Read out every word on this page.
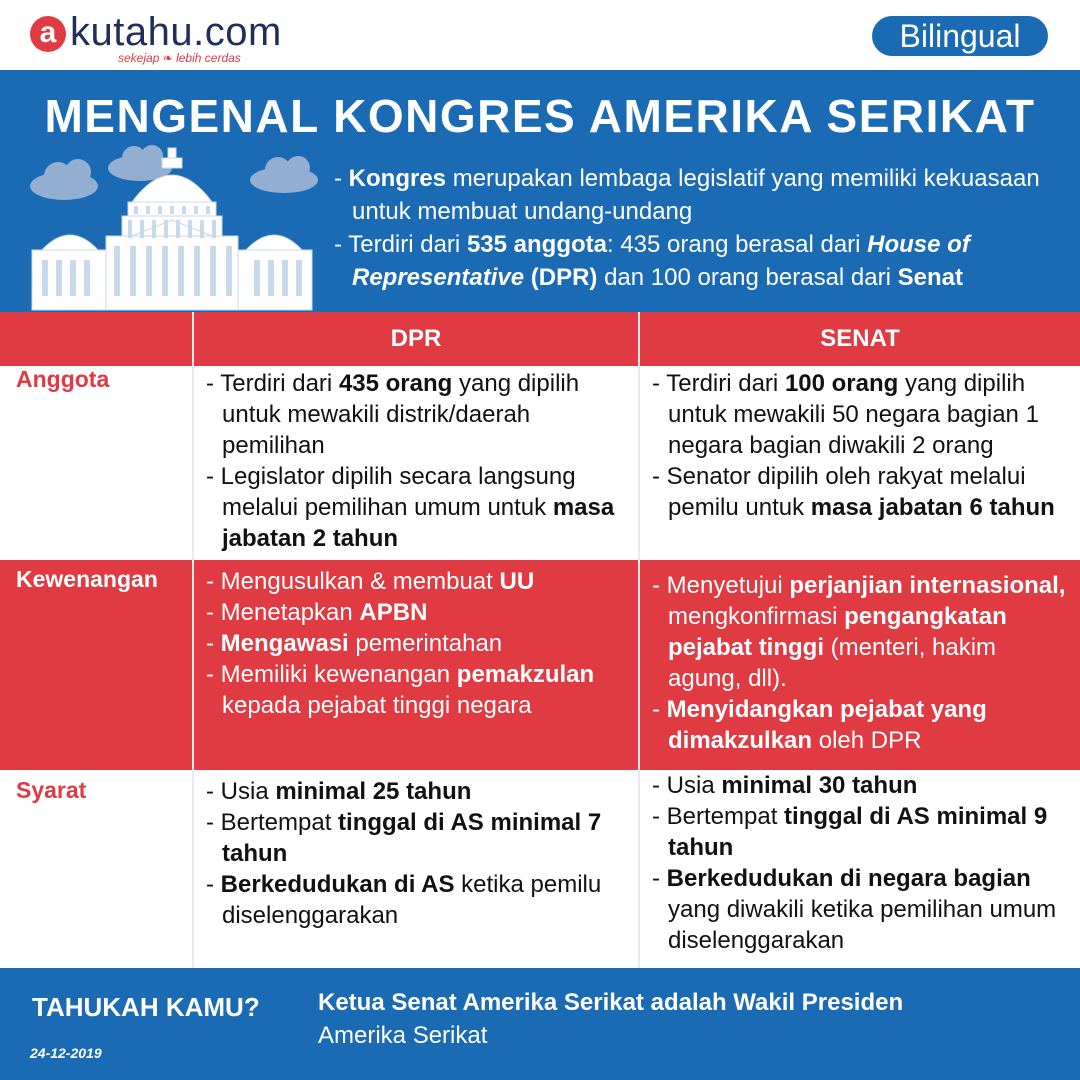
a kutahu.com
sekejap ❧ lebih cerdas
Bilingual
MENGENAL KONGRES AMERIKA SERIKAT

- Kongres merupakan lembaga legislatif yang memiliki kekuasaan untuk membuat undang-undang

- Terdiri dari 535 anggota: 435 orang berasal dari House of Representative (DPR) dan 100 orang berasal dari Senat

DPR	SENAT
Anggota
Kewenangan
Syarat

- Terdiri dari 435 orang yang dipilih untuk mewakili distrik/daerah pemilihan

- Legislator dipilih secara langsung melalui pemilihan umum untuk masa jabatan 2 tahun

- Terdiri dari 100 orang yang dipilih untuk mewakili 50 negara bagian 1 negara bagian diwakili 2 orang

- Senator dipilih oleh rakyat melalui pemilu untuk masa jabatan 6 tahun

- Mengusulkan & membuat UU

- Menetapkan APBN

- Mengawasi pemerintahan

- Memiliki kewenangan pemakzulan kepada pejabat tinggi negara

- Menyetujui perjanjian internasional, mengkonfirmasi pengangkatan pejabat tinggi (menteri, hakim agung, dll).

- Menyidangkan pejabat yang dimakzulkan oleh DPR

- Usia minimal 25 tahun

- Bertempat tinggal di AS minimal 7 tahun

- Berkedudukan di AS ketika pemilu diselenggarakan

- Usia minimal 30 tahun

- Bertempat tinggal di AS minimal 9 tahun

- Berkedudukan di negara bagian yang diwakili ketika pemilihan umum diselenggarakan

TAHUKAH KAMU? Ketua Senat Amerika Serikat adalah Wakil Presiden
Amerika Serikat
24-12-2019
